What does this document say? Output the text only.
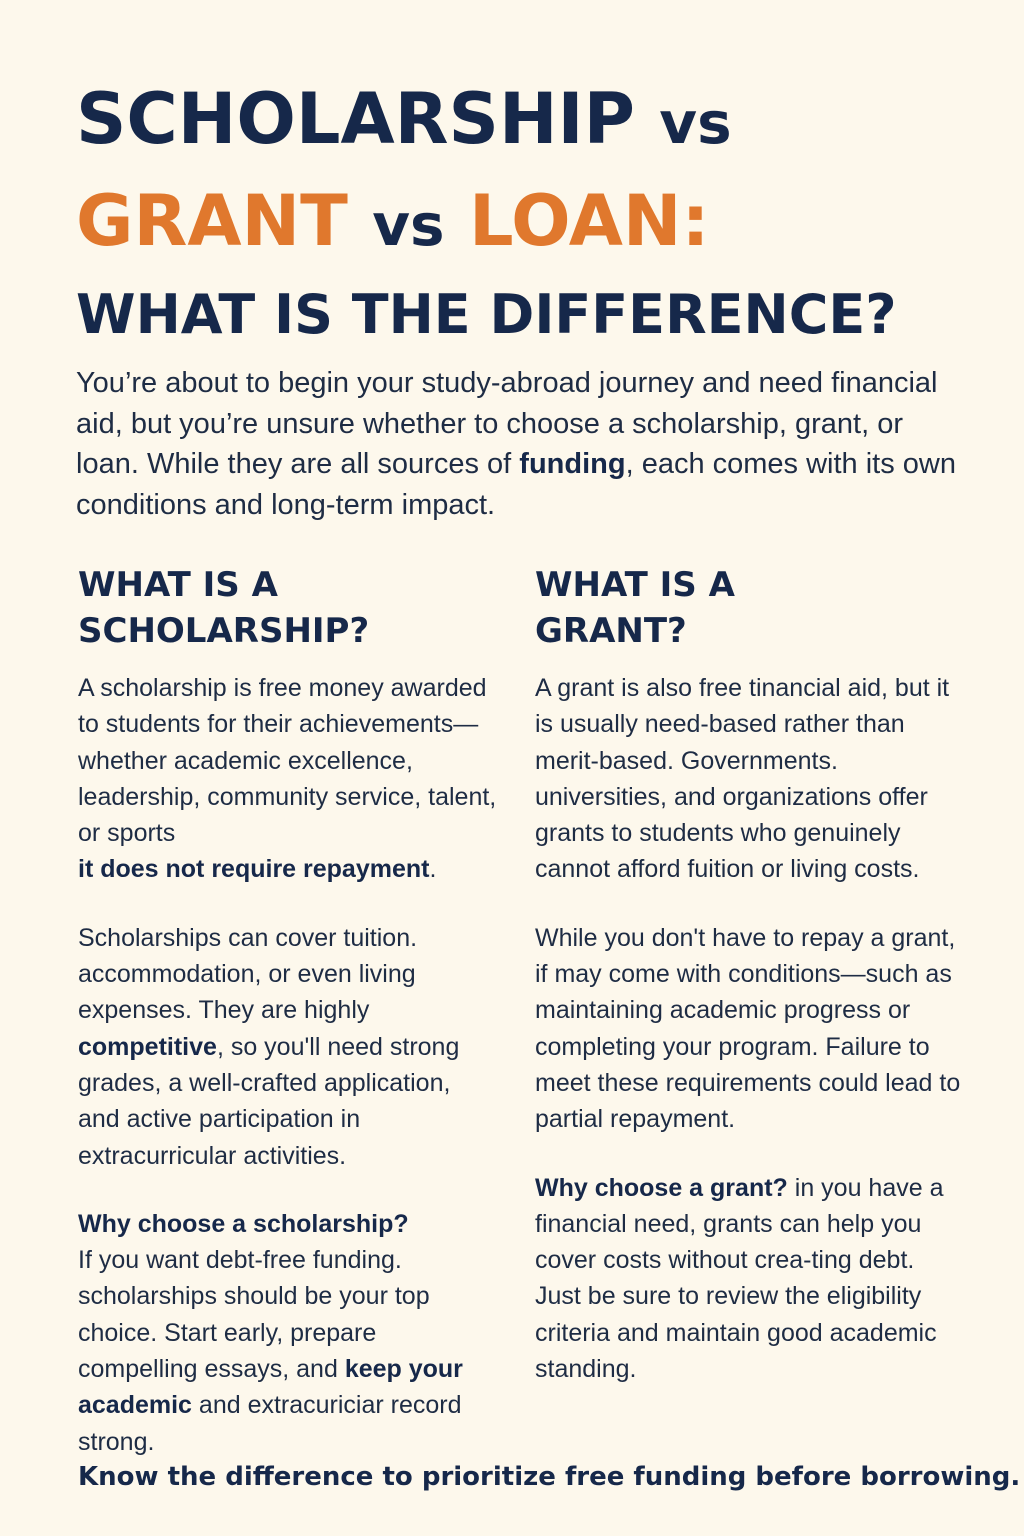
SCHOLARSHIP vs
GRANT vs LOAN:
WHAT IS THE DIFFERENCE?

You’re about to begin your study-abroad journey and need financial aid, but you’re unsure whether to choose a scholarship, grant, or loan. While they are all sources of funding, each comes with its own conditions and long-term impact.

WHAT IS A
SCHOLARSHIP?

A scholarship is free money awarded to students for their achievements—whether academic excellence, leadership, community service, talent, or sports
it does not require repayment.

Scholarships can cover tuition. accommodation, or even living expenses. They are highly competitive, so you'll need strong grades, a well-crafted application, and active participation in extracurricular activities.

Why choose a scholarship?
If you want debt-free funding. scholarships should be your top choice. Start early, prepare compelling essays, and keep your academic and extracuriciar record strong.

WHAT IS A
GRANT?

A grant is also free tinancial aid, but it is usually need-based rather than merit-based. Governments. universities, and organizations offer grants to students who genuinely cannot afford fuition or living costs.

While you don't have to repay a grant, if may come with conditions—such as maintaining academic progress or completing your program. Failure to meet these requirements could lead to partial repayment.

Why choose a grant? in you have a financial need, grants can help you cover costs without crea-ting debt. Just be sure to review the eligibility criteria and maintain good academic standing.

Know the difference to prioritize free funding before borrowing.
